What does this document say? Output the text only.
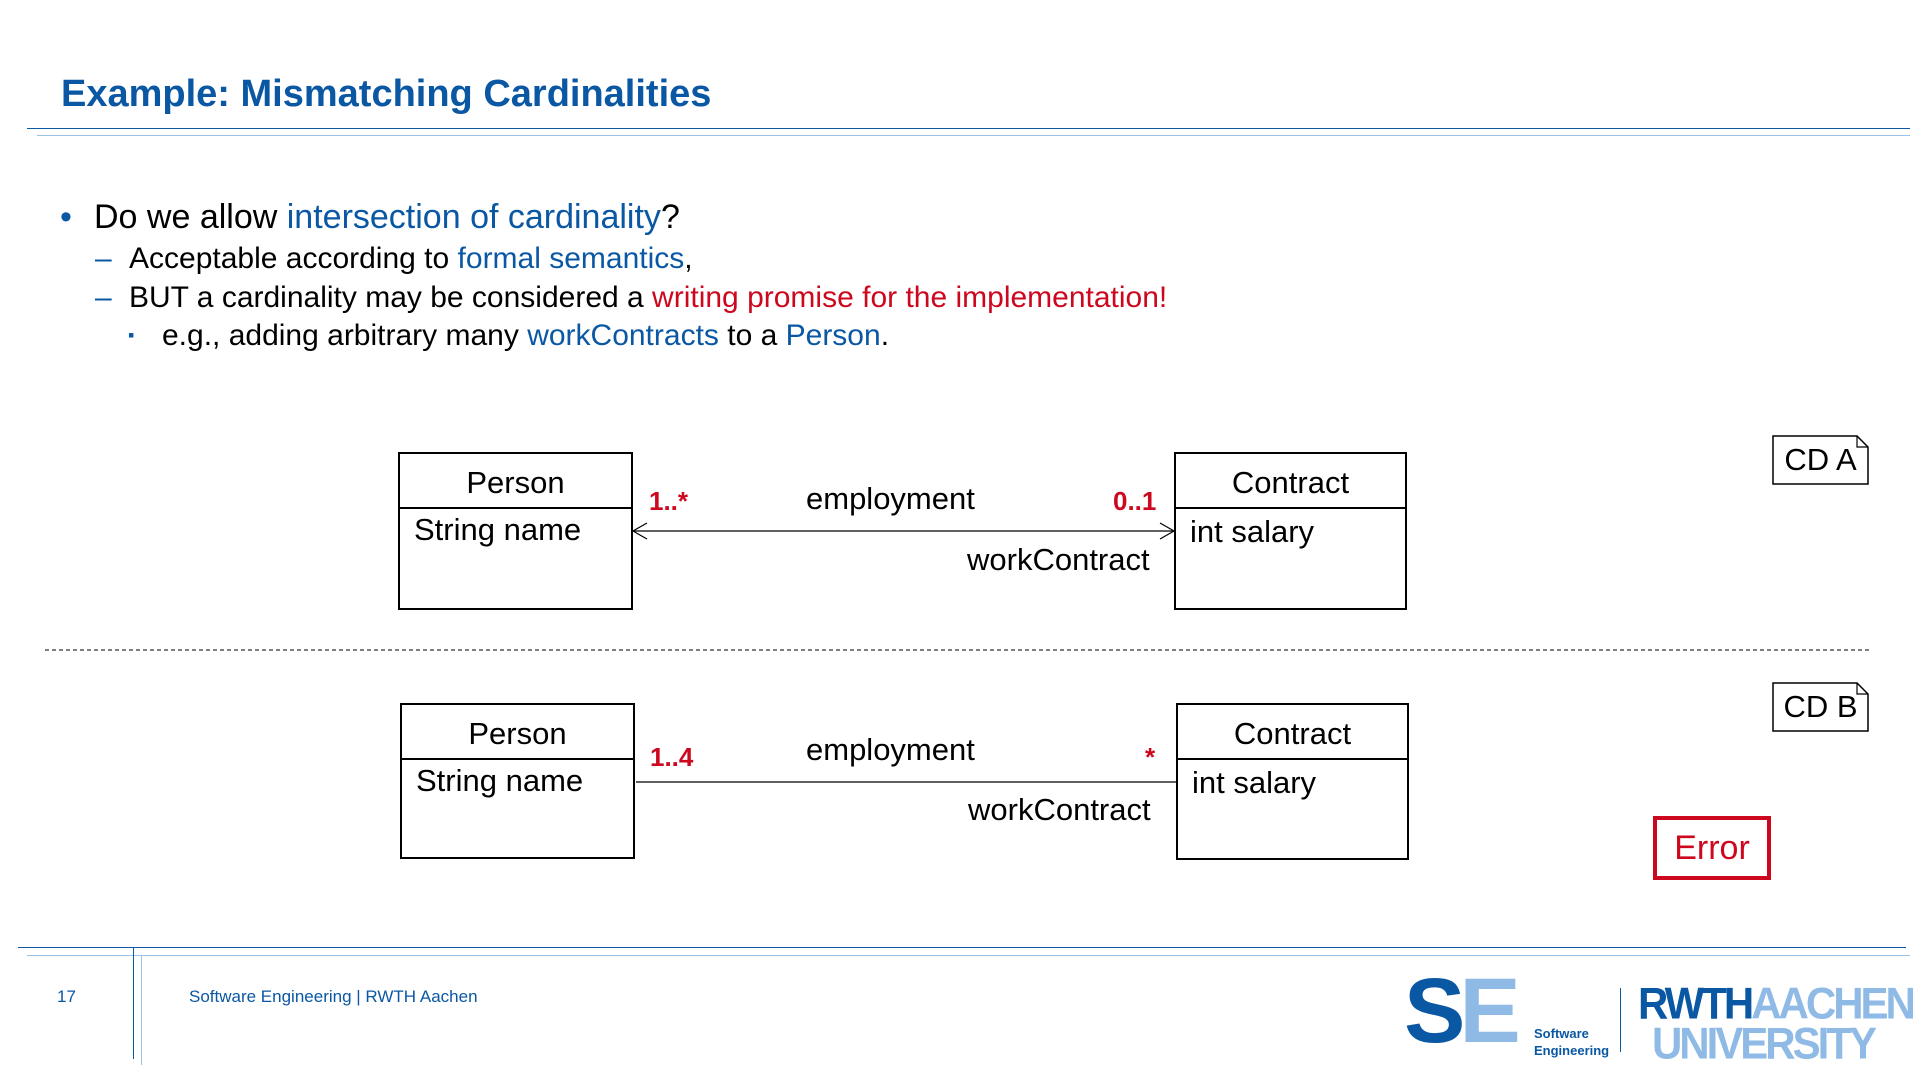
Example: Mismatching Cardinalities
• Do we allow intersection of cardinality?
– Acceptable according to formal semantics,
– BUT a cardinality may be considered a writing promise for the implementation!
▪ e.g., adding arbitrary many workContracts to a Person.
Person
String name
Contract
int salary
1..*	employment	0..1
workContract
CD A
Person
String name
Contract
int salary
1..4	employment	*
workContract
CD B
Error
17	Software Engineering | RWTH Aachen	SE Software
Engineering
RWTHAACHEN
UNIVERSITY
